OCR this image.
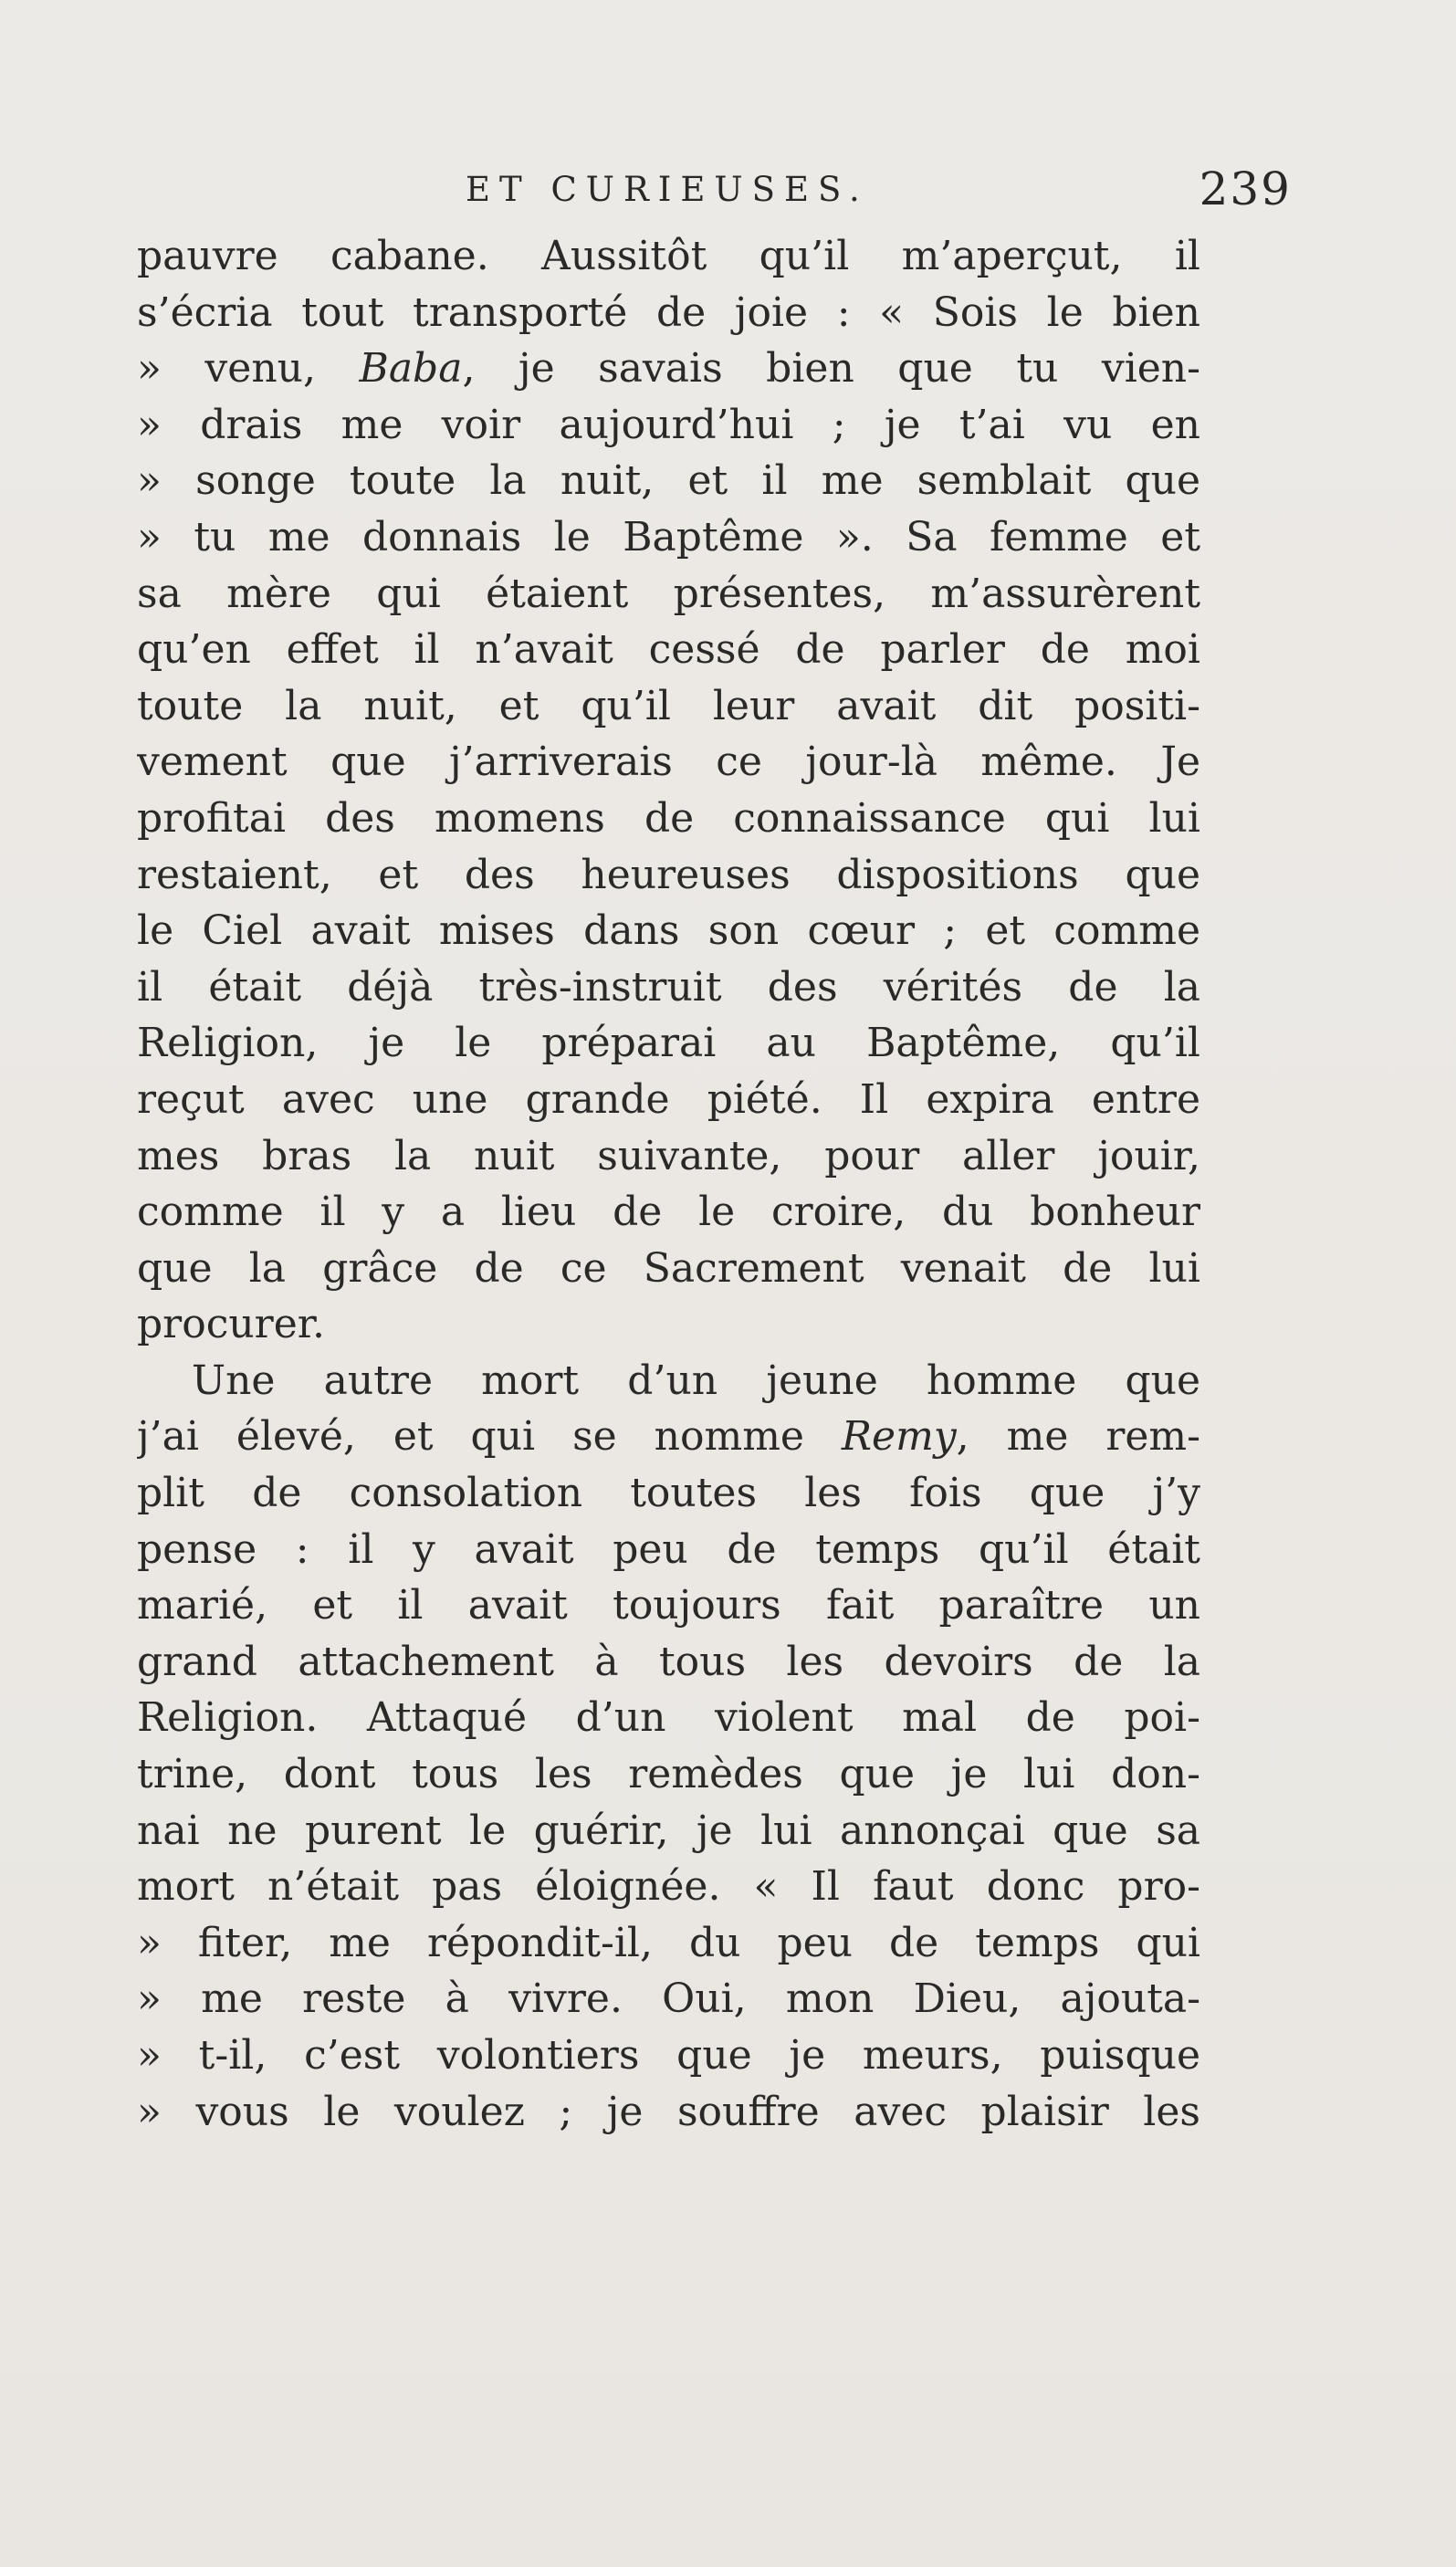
ET CURIEUSES.	239
pauvre cabane. Aussitôt qu’il m’aperçut, il
s’écria tout transporté de joie : « Sois le bien
» venu, Baba, je savais bien que tu vien-
» drais me voir aujourd’hui ; je t’ai vu en
» songe toute la nuit, et il me semblait que
» tu me donnais le Baptême ». Sa femme et
sa mère qui étaient présentes, m’assurèrent
qu’en effet il n’avait cessé de parler de moi
toute la nuit, et qu’il leur avait dit positi-
vement que j’arriverais ce jour-là même. Je
profitai des momens de connaissance qui lui
restaient, et des heureuses dispositions que
le Ciel avait mises dans son cœur ; et comme
il était déjà très-instruit des vérités de la
Religion, je le préparai au Baptême, qu’il
reçut avec une grande piété. Il expira entre
mes bras la nuit suivante, pour aller jouir,
comme il y a lieu de le croire, du bonheur
que la grâce de ce Sacrement venait de lui
procurer.
Une autre mort d’un jeune homme que
j’ai élevé, et qui se nomme Remy, me rem-
plit de consolation toutes les fois que j’y
pense : il y avait peu de temps qu’il était
marié, et il avait toujours fait paraître un
grand attachement à tous les devoirs de la
Religion. Attaqué d’un violent mal de poi-
trine, dont tous les remèdes que je lui don-
nai ne purent le guérir, je lui annonçai que sa
mort n’était pas éloignée. « Il faut donc pro-
» fiter, me répondit-il, du peu de temps qui
» me reste à vivre. Oui, mon Dieu, ajouta-
» t-il, c’est volontiers que je meurs, puisque
» vous le voulez ; je souffre avec plaisir les
